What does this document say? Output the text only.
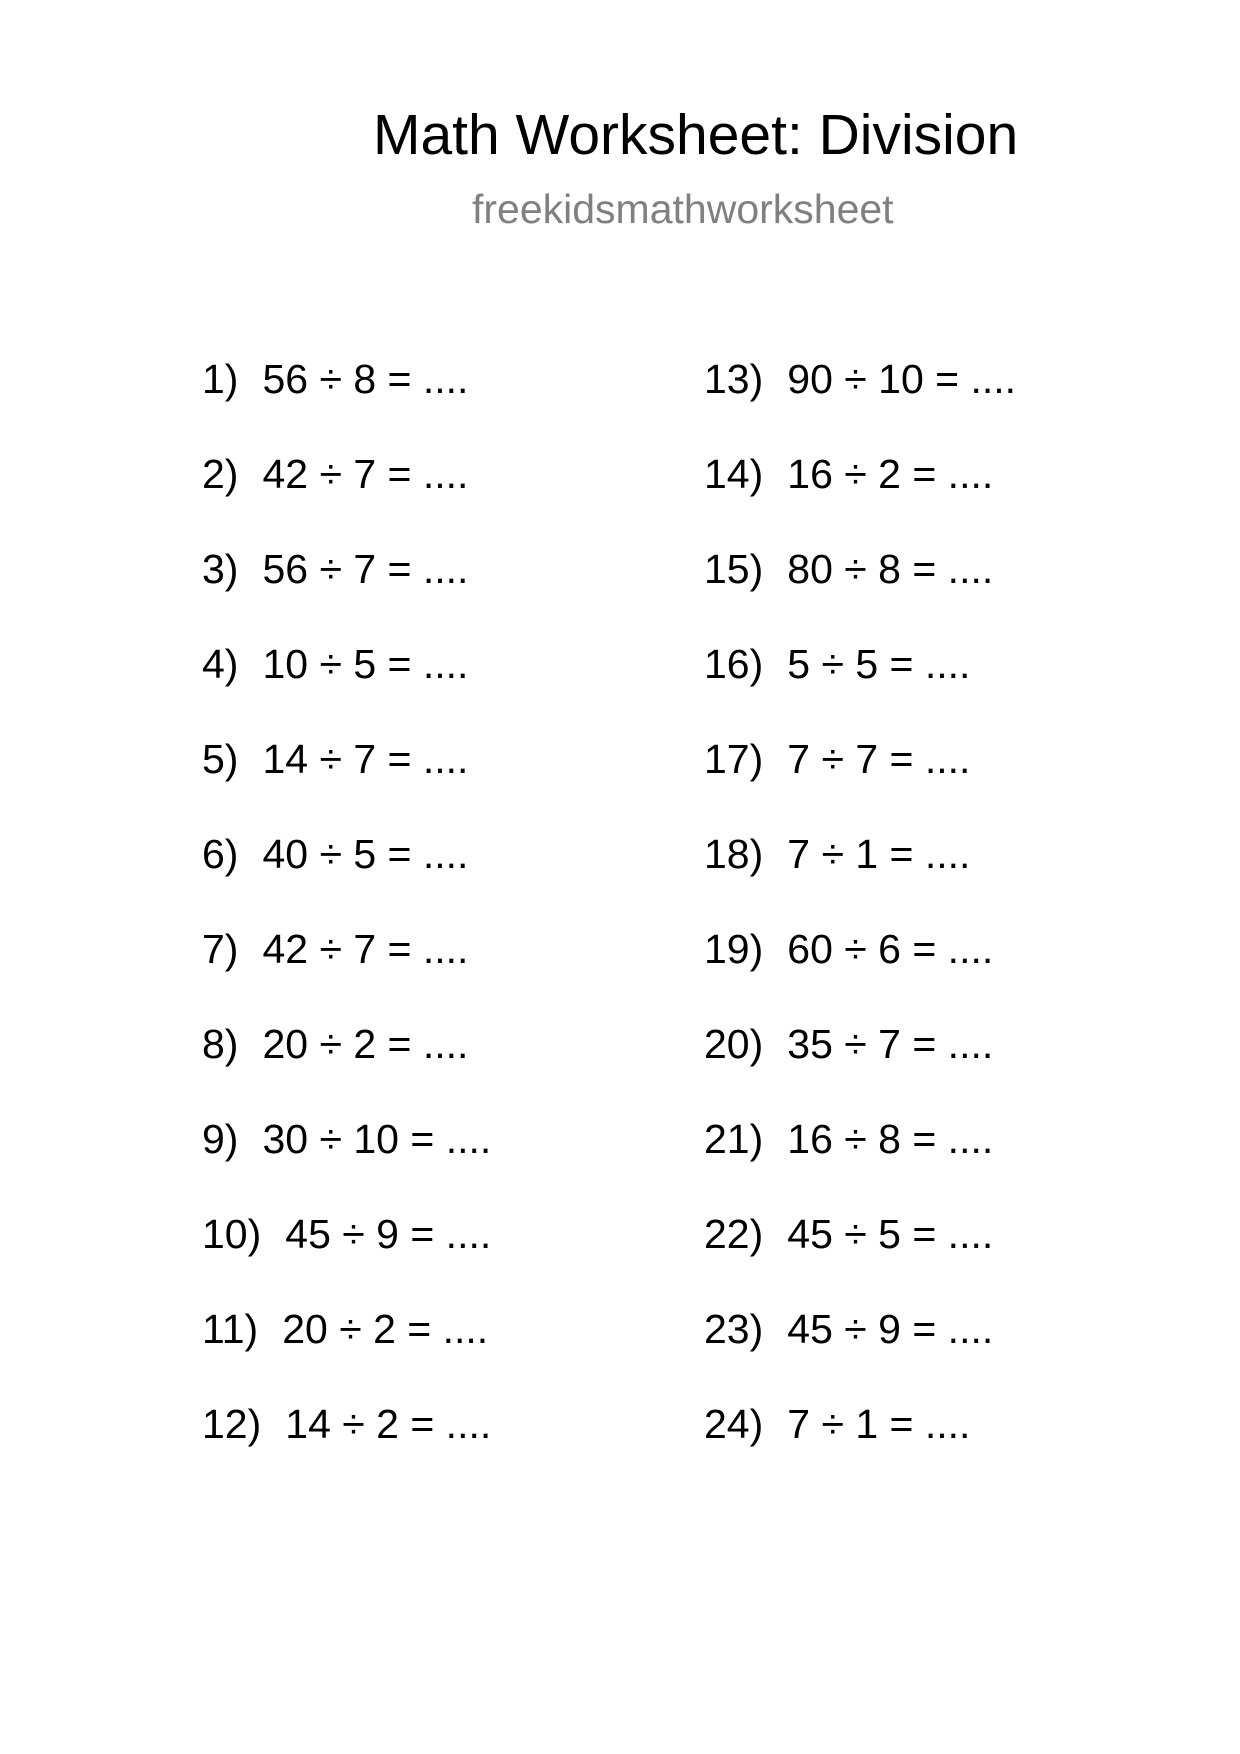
Math Worksheet: Division
freekidsmathworksheet
1) 56 ÷ 8 = ....
2) 42 ÷ 7 = ....
3) 56 ÷ 7 = ....
4) 10 ÷ 5 = ....
5) 14 ÷ 7 = ....
6) 40 ÷ 5 = ....
7) 42 ÷ 7 = ....
8) 20 ÷ 2 = ....
9) 30 ÷ 10 = ....
10) 45 ÷ 9 = ....
11) 20 ÷ 2 = ....
12) 14 ÷ 2 = ....
13) 90 ÷ 10 = ....
14) 16 ÷ 2 = ....
15) 80 ÷ 8 = ....
16) 5 ÷ 5 = ....
17) 7 ÷ 7 = ....
18) 7 ÷ 1 = ....
19) 60 ÷ 6 = ....
20) 35 ÷ 7 = ....
21) 16 ÷ 8 = ....
22) 45 ÷ 5 = ....
23) 45 ÷ 9 = ....
24) 7 ÷ 1 = ....
